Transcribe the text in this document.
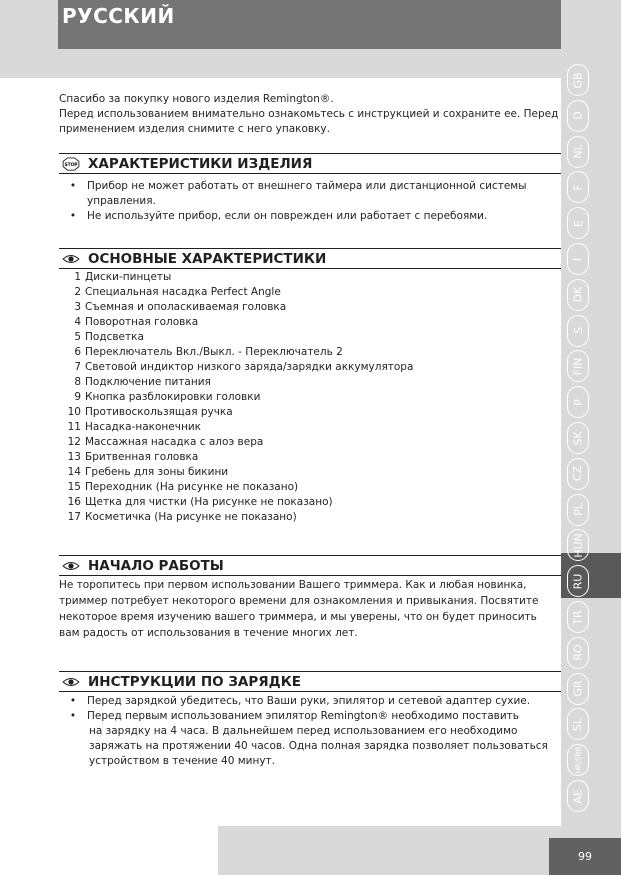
РУССКИЙ
GB
D
NL
F
E
I
DK
S
FIN
P
SK
CZ
PL
HUN
RU
TR
RO
GR
SL
HR/SRB
AE
99

Спасибо за покупку нового изделия Remington®.

Перед использованием внимательно ознакомьтесь с инструкцией и сохраните ее. Перед

применением изделия снимите с него упаковку.

STOP ХАРАКТЕРИСТИКИ ИЗДЕЛИЯ
•	Прибор не может работать от внешнего таймера или дистанционной системы
управления.
•	Не используйте прибор, если он поврежден или работает с перебоями.
ОСНОВНЫЕ ХАРАКТЕРИСТИКИ
1 Диски-пинцеты
2 Специальная насадка Perfect Angle
3 Съемная и ополаскиваемая головка
4 Поворотная головка
5 Подсветка
6 Переключатель Вкл./Выкл. - Переключатель 2
7 Световой индиктор низкого заряда/зарядки аккумулятора
8 Подключение питания
9 Кнопка разблокировки головки
10 Противоскользящая ручка
11 Насадка-наконечник
12 Массажная насадка с алоэ вера
13 Бритвенная головка
14 Гребень для зоны бикини
15 Переходник (На рисунке не показано)
16 Щетка для чистки (На рисунке не показано)
17 Косметичка (На рисунке не показано)
НАЧАЛО РАБОТЫ
Не торопитесь при первом использовании Вашего триммера. Как и любая новинка,
триммер потребует некоторого времени для ознакомления и привыкания. Посвятите
некоторое время изучению вашего триммера, и мы уверены, что он будет приносить
вам радость от использования в течение многих лет.
ИНСТРУКЦИИ ПО ЗАРЯДКЕ
•	Перед зарядкой убедитесь, что Ваши руки, эпилятор и сетевой адаптер сухие.
•	Перед первым использованием эпилятор Remington® необходимо поставить
на зарядку на 4 часа. В дальнейшем перед использованием его необходимо
заряжать на протяжении 40 часов. Одна полная зарядка позволяет пользоваться
устройством в течение 40 минут.
